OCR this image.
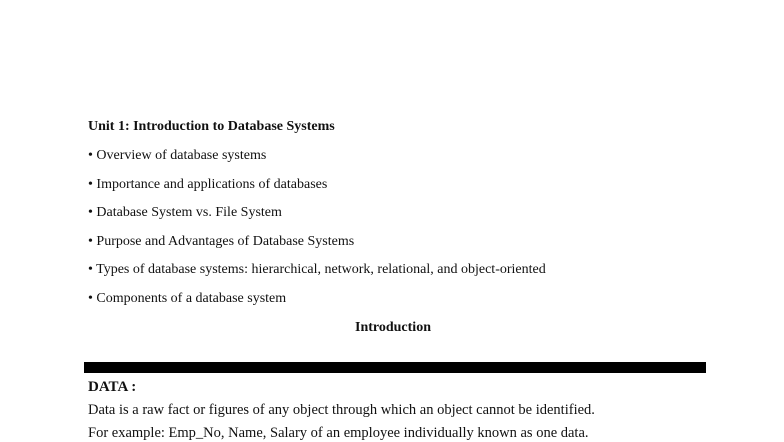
Unit 1: Introduction to Database Systems
• Overview of database systems
• Importance and applications of databases
• Database System vs. File System
• Purpose and Advantages of Database Systems
• Types of database systems: hierarchical, network, relational, and object-oriented
• Components of a database system
Introduction
DATA :
Data is a raw fact or figures of any object through which an object cannot be identified.
For example: Emp_No, Name, Salary of an employee individually known as one data.
